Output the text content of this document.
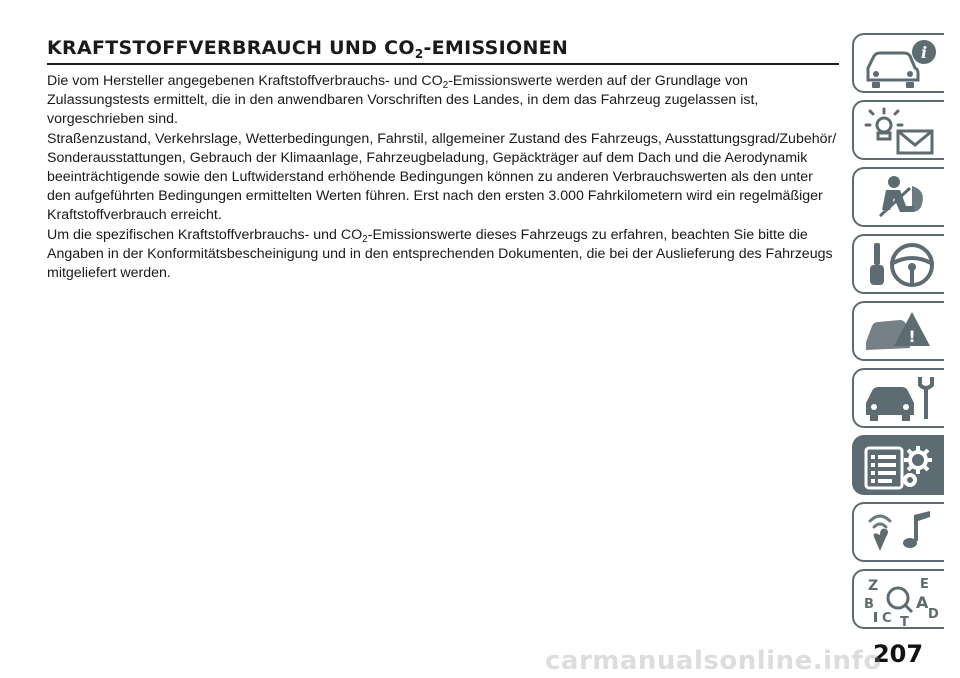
KRAFTSTOFFVERBRAUCH UND $CO_2$-EMISSIONEN

Die vom Hersteller angegebenen Kraftstoffverbrauchs- und $CO_2$-Emissionswerte werden auf der Grundlage von Zulassungstests ermittelt, die in den anwendbaren Vorschriften des Landes, in dem das Fahrzeug zugelassen ist, vorgeschrieben sind.

Straßenzustand, Verkehrslage, Wetterbedingungen, Fahrstil, allgemeiner Zustand des Fahrzeugs, Ausstattungsgrad/Zubehör/ Sonderausstattungen, Gebrauch der Klimaanlage, Fahrzeugbeladung, Gepäckträger auf dem Dach und die Aerodynamik beeinträchtigende sowie den Luftwiderstand erhöhende Bedingungen können zu anderen Verbrauchswerten als den unter den aufgeführten Bedingungen ermittelten Werten führen. Erst nach den ersten 3.000 Fahrkilometern wird ein regelmäßiger Kraftstoffverbrauch erreicht.

Um die spezifischen Kraftstoffverbrauchs- und $CO_2$-Emissionswerte dieses Fahrzeugs zu erfahren, beachten Sie bitte die Angaben in der Konformitätsbescheinigung und in den entsprechenden Dokumenten, die bei der Auslieferung des Fahrzeugs mitgeliefert werden.

i
!
Z	E
B	A
C	D
T
207
carmanualsonline.info
